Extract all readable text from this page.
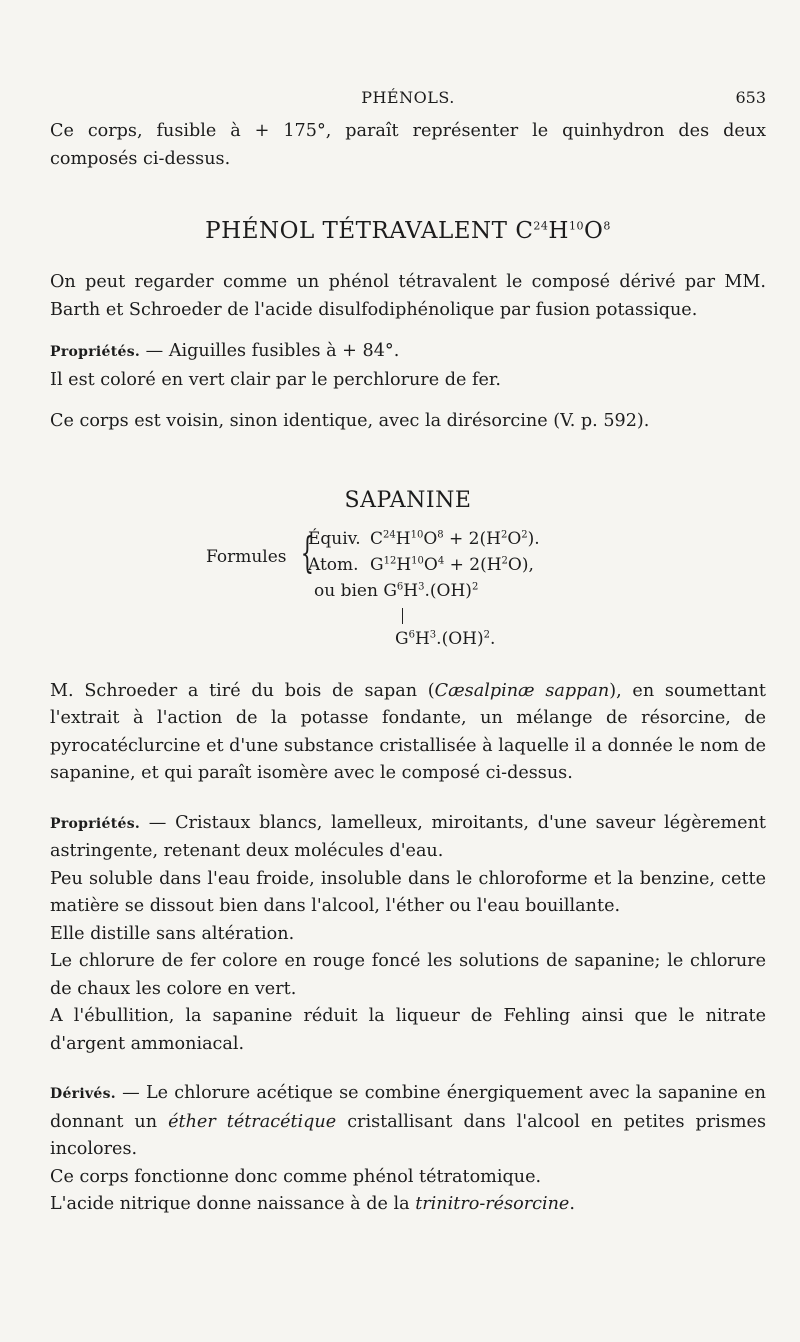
PHÉNOLS.	653

Ce corps, fusible à + 175°, paraît représenter le quinhydron des deux composés ci-dessus.

PHÉNOL TÉTRAVALENT $C^{24}H^{10}O^8$

On peut regarder comme un phénol tétravalent le composé dérivé par MM. Barth et Schroeder de l'acide disulfodiphénolique par fusion potassique.

Propriétés. — Aiguilles fusibles à + 84°.

Il est coloré en vert clair par le perchlorure de fer.

Ce corps est voisin, sinon identique, avec la dirésorcine (V. p. 592).

SAPANINE
Formules {
Équiv. $C^{24}H^{10}O^8 + 2(H^2O^2)$.
Atom. $G^{12}H^{10}O^4 + 2(H^2O)$,
ou bien $G^6H^3.(OH)^2$
$G^6H^3.(OH)^2$.

M. Schroeder a tiré du bois de sapan (Cæsalpinæ sappan), en soumettant l'extrait à l'action de la potasse fondante, un mélange de résorcine, de pyrocatéclurcine et d'une substance cristallisée à laquelle il a donnée le nom de sapanine, et qui paraît isomère avec le composé ci-dessus.

Propriétés. — Cristaux blancs, lamelleux, miroitants, d'une saveur légèrement astringente, retenant deux molécules d'eau.

Peu soluble dans l'eau froide, insoluble dans le chloroforme et la benzine, cette matière se dissout bien dans l'alcool, l'éther ou l'eau bouillante.

Elle distille sans altération.

Le chlorure de fer colore en rouge foncé les solutions de sapanine; le chlorure de chaux les colore en vert.

A l'ébullition, la sapanine réduit la liqueur de Fehling ainsi que le nitrate d'argent ammoniacal.

Dérivés. — Le chlorure acétique se combine énergiquement avec la sapanine en donnant un éther tétracétique cristallisant dans l'alcool en petites prismes incolores.

Ce corps fonctionne donc comme phénol tétratomique.

L'acide nitrique donne naissance à de la trinitro-résorcine.
